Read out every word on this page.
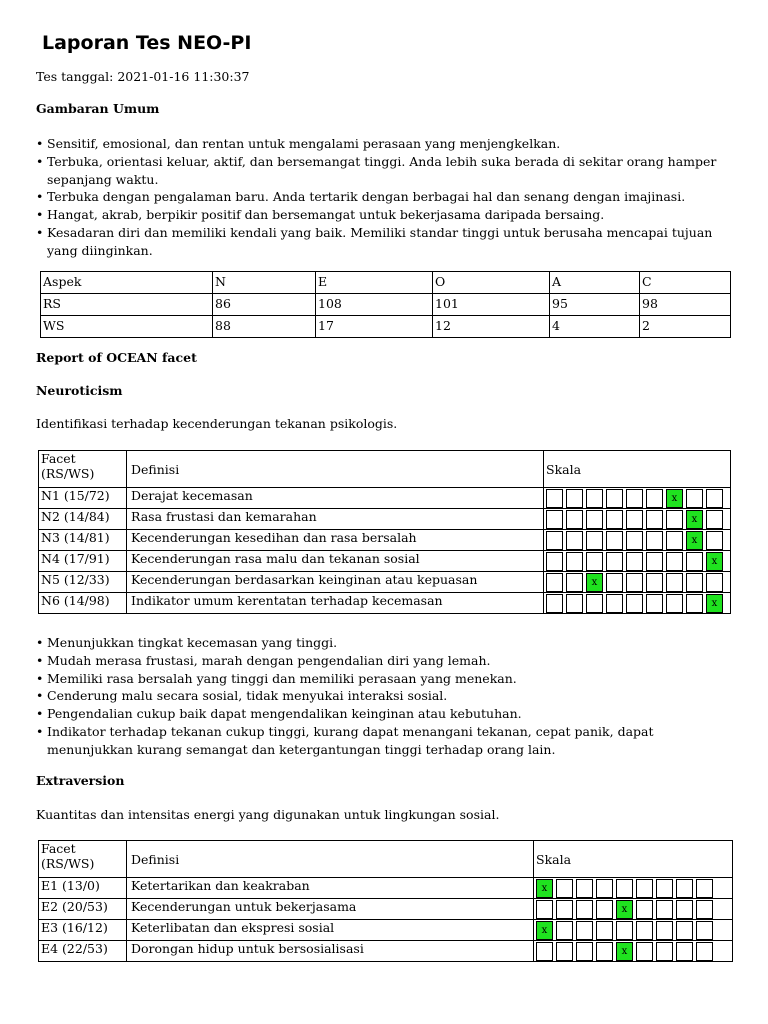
Laporan Tes NEO-PI
Tes tanggal: 2021-01-16 11:30:37
Gambaran Umum
• Sensitif, emosional, dan rentan untuk mengalami perasaan yang menjengkelkan.
• Terbuka, orientasi keluar, aktif, dan bersemangat tinggi. Anda lebih suka berada di sekitar orang hamper sepanjang waktu.
• Terbuka dengan pengalaman baru. Anda tertarik dengan berbagai hal dan senang dengan imajinasi.
• Hangat, akrab, berpikir positif dan bersemangat untuk bekerjasama daripada bersaing.
• Kesadaran diri dan memiliki kendali yang baik. Memiliki standar tinggi untuk berusaha mencapai tujuan yang diinginkan.
Aspek	N	E	O	A	C
RS	86	108	101	95	98
WS	88	17	12	4	2
Report of OCEAN facet
Neuroticism
Identifikasi terhadap kecenderungan tekanan psikologis.
Facet (RS/WS)	Definisi	Skala
N1 (15/72)	Derajat kecemasan	x

N2 (14/84)	Rasa frustasi dan kemarahan	x

N3 (14/81)	Kecenderungan kesedihan dan rasa bersalah	x

N4 (17/91)	Kecenderungan rasa malu dan tekanan sosial	x

N5 (12/33)	Kecenderungan berdasarkan keinginan atau kepuasan	x

N6 (14/98)	Indikator umum kerentatan terhadap kecemasan	x
• Menunjukkan tingkat kecemasan yang tinggi.
• Mudah merasa frustasi, marah dengan pengendalian diri yang lemah.
• Memiliki rasa bersalah yang tinggi dan memiliki perasaan yang menekan.
• Cenderung malu secara sosial, tidak menyukai interaksi sosial.
• Pengendalian cukup baik dapat mengendalikan keinginan atau kebutuhan.
• Indikator terhadap tekanan cukup tinggi, kurang dapat menangani tekanan, cepat panik, dapat menunjukkan kurang semangat dan ketergantungan tinggi terhadap orang lain.
Extraversion
Kuantitas dan intensitas energi yang digunakan untuk lingkungan sosial.
Facet (RS/WS)	Definisi	Skala
E1 (13/0)	Ketertarikan dan keakraban	x

E2 (20/53)	Kecenderungan untuk bekerjasama	x

E3 (16/12)	Keterlibatan dan ekspresi sosial	x

E4 (22/53)	Dorongan hidup untuk bersosialisasi	x
